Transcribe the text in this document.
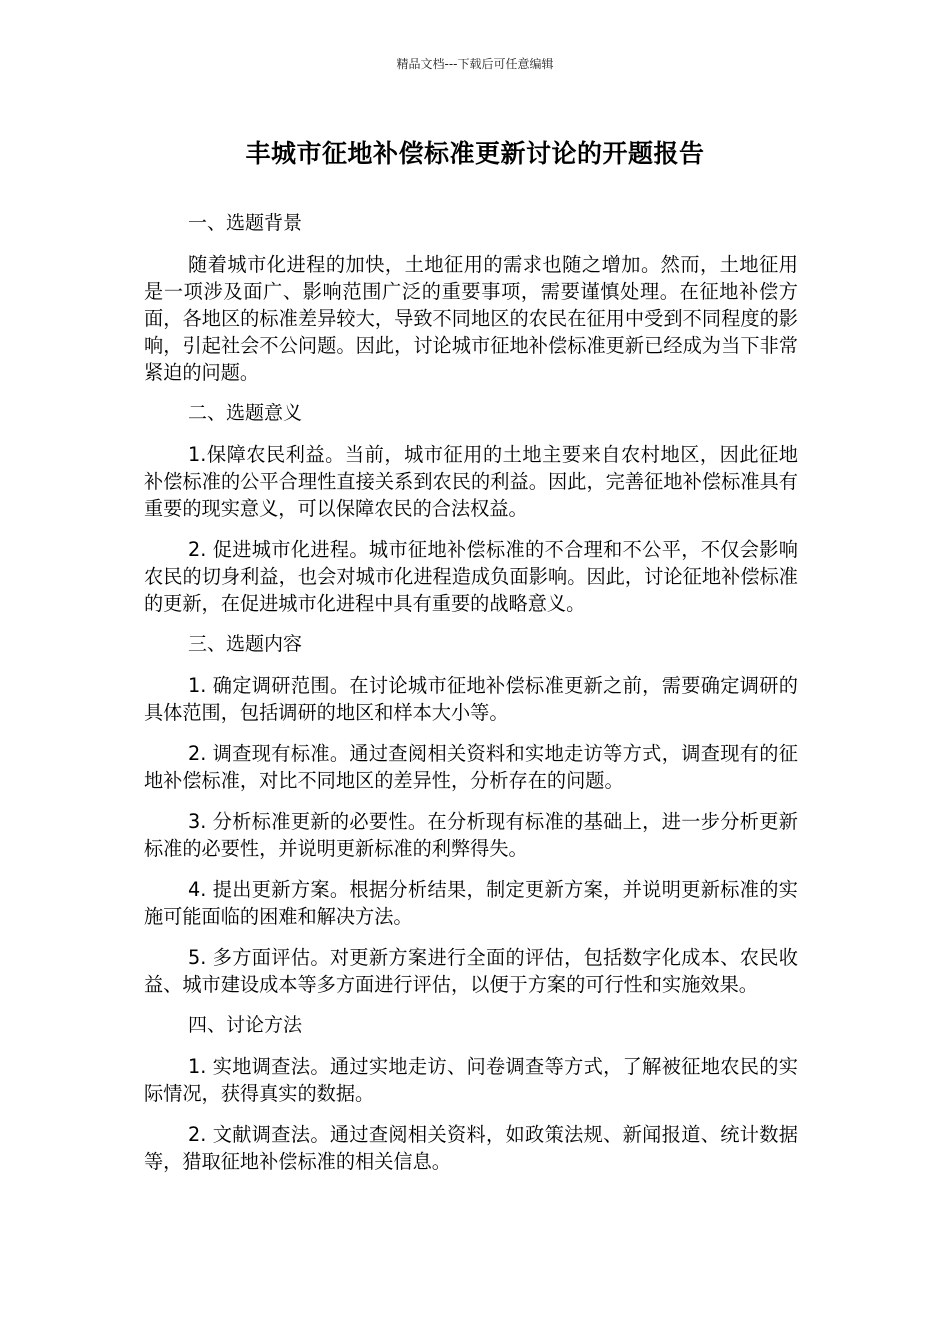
精品文档---下载后可任意编辑
丰城市征地补偿标准更新讨论的开题报告

一、选题背景

随着城市化进程的加快，土地征用的需求也随之增加。然而，土地征用是一项涉及面广、影响范围广泛的重要事项，需要谨慎处理。在征地补偿方面，各地区的标准差异较大，导致不同地区的农民在征用中受到不同程度的影响，引起社会不公问题。因此，讨论城市征地补偿标准更新已经成为当下非常紧迫的问题。

二、选题意义

1.保障农民利益。当前，城市征用的土地主要来自农村地区，因此征地补偿标准的公平合理性直接关系到农民的利益。因此，完善征地补偿标准具有重要的现实意义，可以保障农民的合法权益。

2. 促进城市化进程。城市征地补偿标准的不合理和不公平，不仅会影响农民的切身利益，也会对城市化进程造成负面影响。因此，讨论征地补偿标准的更新，在促进城市化进程中具有重要的战略意义。

三、选题内容

1. 确定调研范围。在讨论城市征地补偿标准更新之前，需要确定调研的具体范围，包括调研的地区和样本大小等。

2. 调查现有标准。通过查阅相关资料和实地走访等方式，调查现有的征地补偿标准，对比不同地区的差异性，分析存在的问题。

3. 分析标准更新的必要性。在分析现有标准的基础上，进一步分析更新标准的必要性，并说明更新标准的利弊得失。

4. 提出更新方案。根据分析结果，制定更新方案，并说明更新标准的实施可能面临的困难和解决方法。

5. 多方面评估。对更新方案进行全面的评估，包括数字化成本、农民收益、城市建设成本等多方面进行评估，以便于方案的可行性和实施效果。

四、讨论方法

1. 实地调查法。通过实地走访、问卷调查等方式，了解被征地农民的实际情况，获得真实的数据。

2. 文献调查法。通过查阅相关资料，如政策法规、新闻报道、统计数据等，猎取征地补偿标准的相关信息。
